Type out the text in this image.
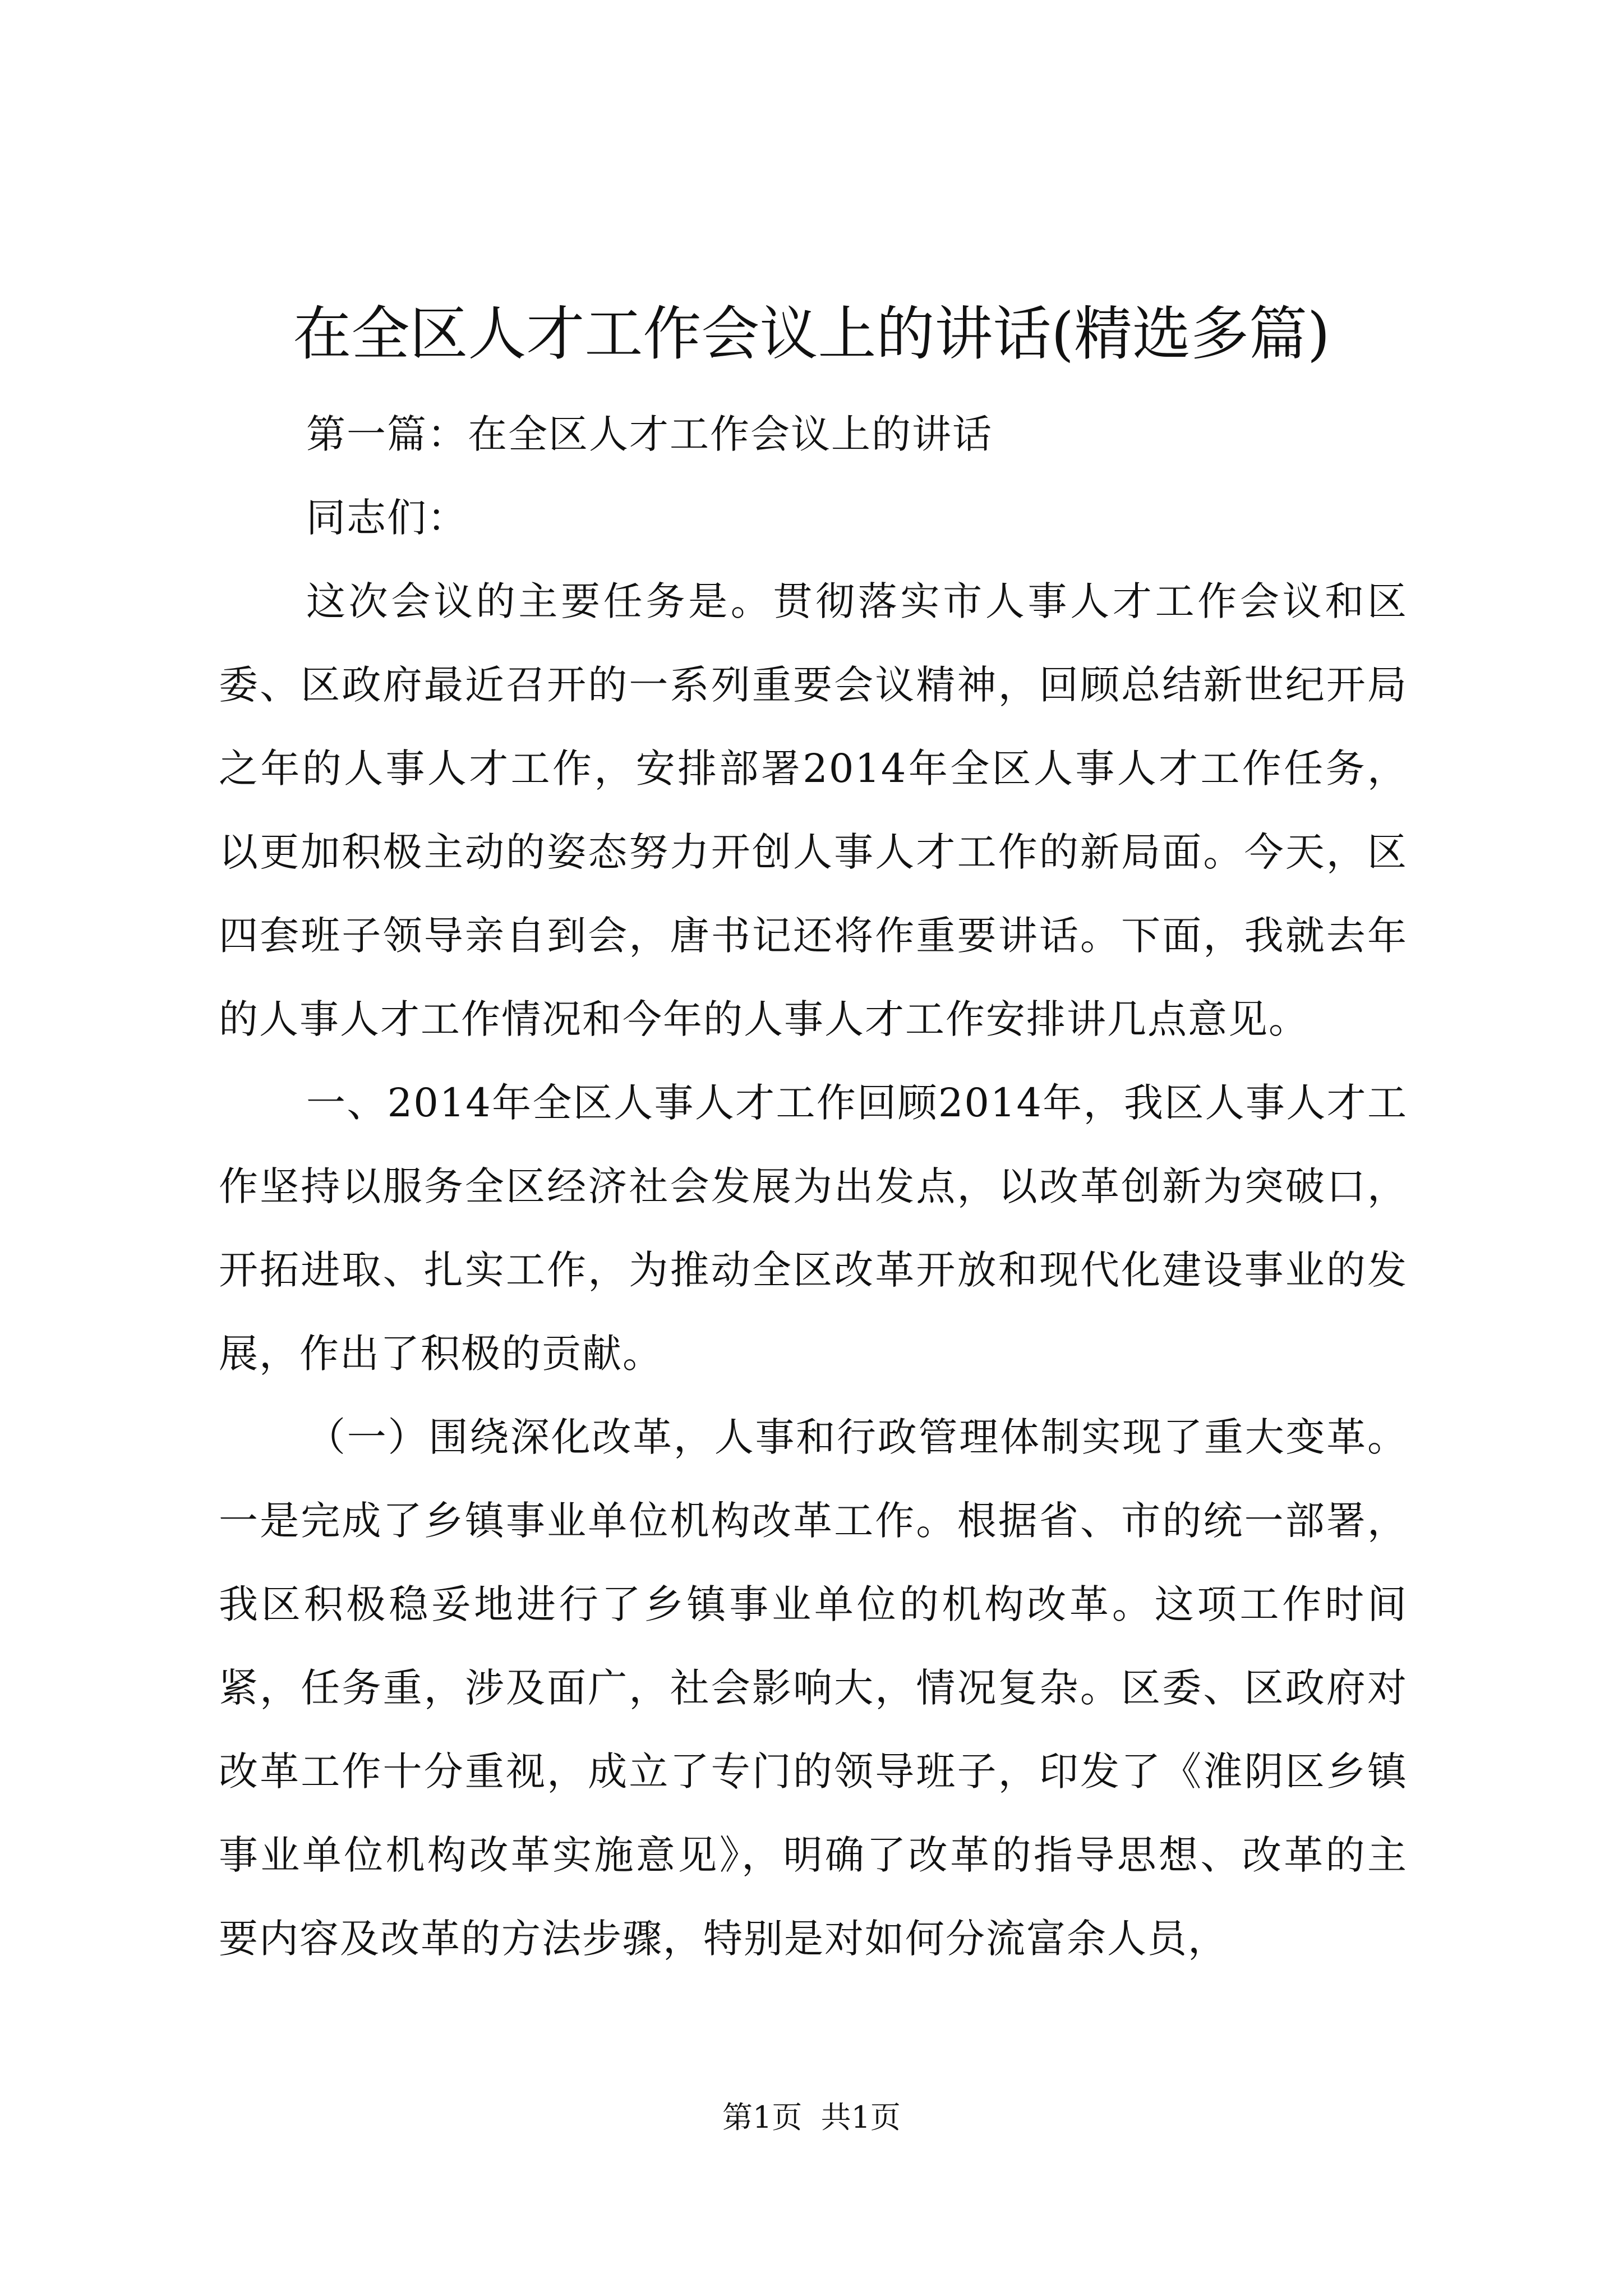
在全区人才工作会议上的讲话(精选多篇)

第一篇：在全区人才工作会议上的讲话

同志们：

这次会议的主要任务是。贯彻落实市人事人才工作会议和区委、区政府最近召开的一系列重要会议精神，回顾总结新世纪开局之年的人事人才工作，安排部署2014年全区人事人才工作任务，以更加积极主动的姿态努力开创人事人才工作的新局面。今天，区四套班子领导亲自到会，唐书记还将作重要讲话。下面，我就去年的人事人才工作情况和今年的人事人才工作安排讲几点意见。

一、2014年全区人事人才工作回顾2014年，我区人事人才工作坚持以服务全区经济社会发展为出发点，以改革创新为突破口，开拓进取、扎实工作，为推动全区改革开放和现代化建设事业的发展，作出了积极的贡献。

（一）围绕深化改革，人事和行政管理体制实现了重大变革。一是完成了乡镇事业单位机构改革工作。根据省、市的统一部署，我区积极稳妥地进行了乡镇事业单位的机构改革。这项工作时间紧，任务重，涉及面广，社会影响大，情况复杂。区委、区政府对改革工作十分重视，成立了专门的领导班子，印发了《淮阴区乡镇事业单位机构改革实施意见》，明确了改革的指导思想、改革的主要内容及改革的方法步骤，特别是对如何分流富余人员，

第1页 共1页
